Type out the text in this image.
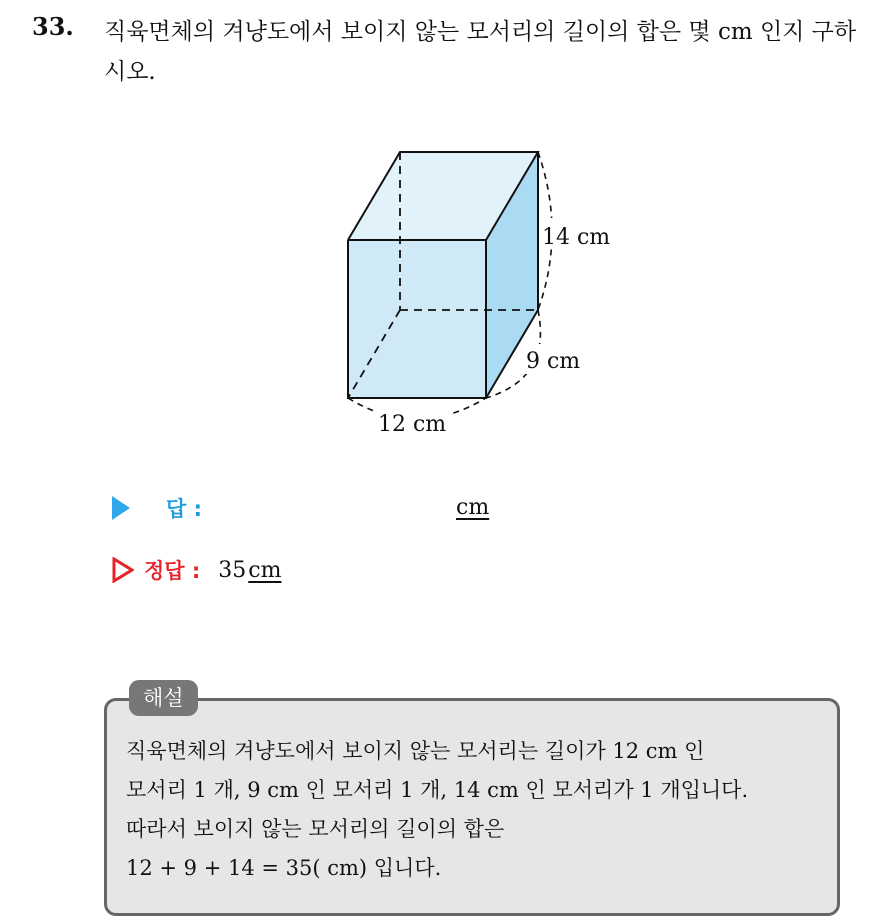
33. 직육면체의 겨냥도에서 보이지 않는 모서리의 길이의 합은 몇 cm 인지 구하시오.
14 cm
9 cm
12 cm
답 :	cm
정답 : 35 cm
해설
직육면체의 겨냥도에서 보이지 않는 모서리는 길이가 12 cm 인
모서리 1 개, 9 cm 인 모서리 1 개, 14 cm 인 모서리가 1 개입니다.
따라서 보이지 않는 모서리의 길이의 합은
12 + 9 + 14 = 35( cm) 입니다.
